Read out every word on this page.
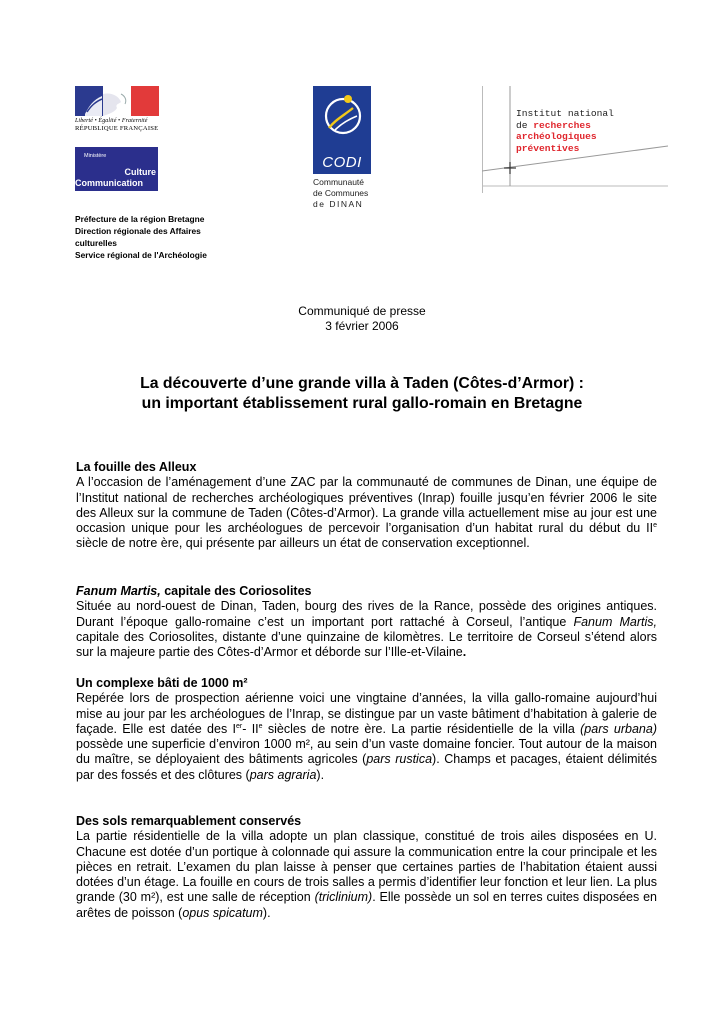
Liberté • Égalité • Fraternité
RÉPUBLIQUE FRANÇAISE
Ministère
Culture
Communication
CODI
Communauté
de Communes
de DINAN
Institut national
de recherches
archéologiques
préventives
Préfecture de la région Bretagne
Direction régionale des Affaires
culturelles
Service régional de l'Archéologie
Communiqué de presse
3 février 2006
La découverte d’une grande villa à Taden (Côtes-d’Armor) :
un important établissement rural gallo-romain en Bretagne
La fouille des Alleux

A l’occasion de l’aménagement d’une ZAC par la communauté de communes de Dinan, une équipe de l’Institut national de recherches archéologiques préventives (Inrap) fouille jusqu’en février 2006 le site des Alleux sur la commune de Taden (Côtes-d’Armor). La grande villa actuellement mise au jour est une occasion unique pour les archéologues de percevoir l’organisation d’un habitat rural du début du IIe siècle de notre ère, qui présente par ailleurs un état de conservation exceptionnel.

Fanum Martis, capitale des Coriosolites

Située au nord-ouest de Dinan, Taden, bourg des rives de la Rance, possède des origines antiques. Durant l’époque gallo-romaine c’est un important port rattaché à Corseul, l’antique Fanum Martis, capitale des Coriosolites, distante d’une quinzaine de kilomètres. Le territoire de Corseul s’étend alors sur la majeure partie des Côtes-d’Armor et déborde sur l’Ille-et-Vilaine.

Un complexe bâti de 1000 m²

Repérée lors de prospection aérienne voici une vingtaine d’années, la villa gallo-romaine aujourd’hui mise au jour par les archéologues de l’Inrap, se distingue par un vaste bâtiment d’habitation à galerie de façade. Elle est datée des Ier- IIe siècles de notre ère. La partie résidentielle de la villa (pars urbana) possède une superficie d’environ 1000 m², au sein d’un vaste domaine foncier. Tout autour de la maison du maître, se déployaient des bâtiments agricoles (pars rustica). Champs et pacages, étaient délimités par des fossés et des clôtures (pars agraria).

Des sols remarquablement conservés

La partie résidentielle de la villa adopte un plan classique, constitué de trois ailes disposées en U. Chacune est dotée d’un portique à colonnade qui assure la communication entre la cour principale et les pièces en retrait. L’examen du plan laisse à penser que certaines parties de l’habitation étaient aussi dotées d’un étage. La fouille en cours de trois salles a permis d’identifier leur fonction et leur lien. La plus grande (30 m²), est une salle de réception (triclinium). Elle possède un sol en terres cuites disposées en arêtes de poisson (opus spicatum).
